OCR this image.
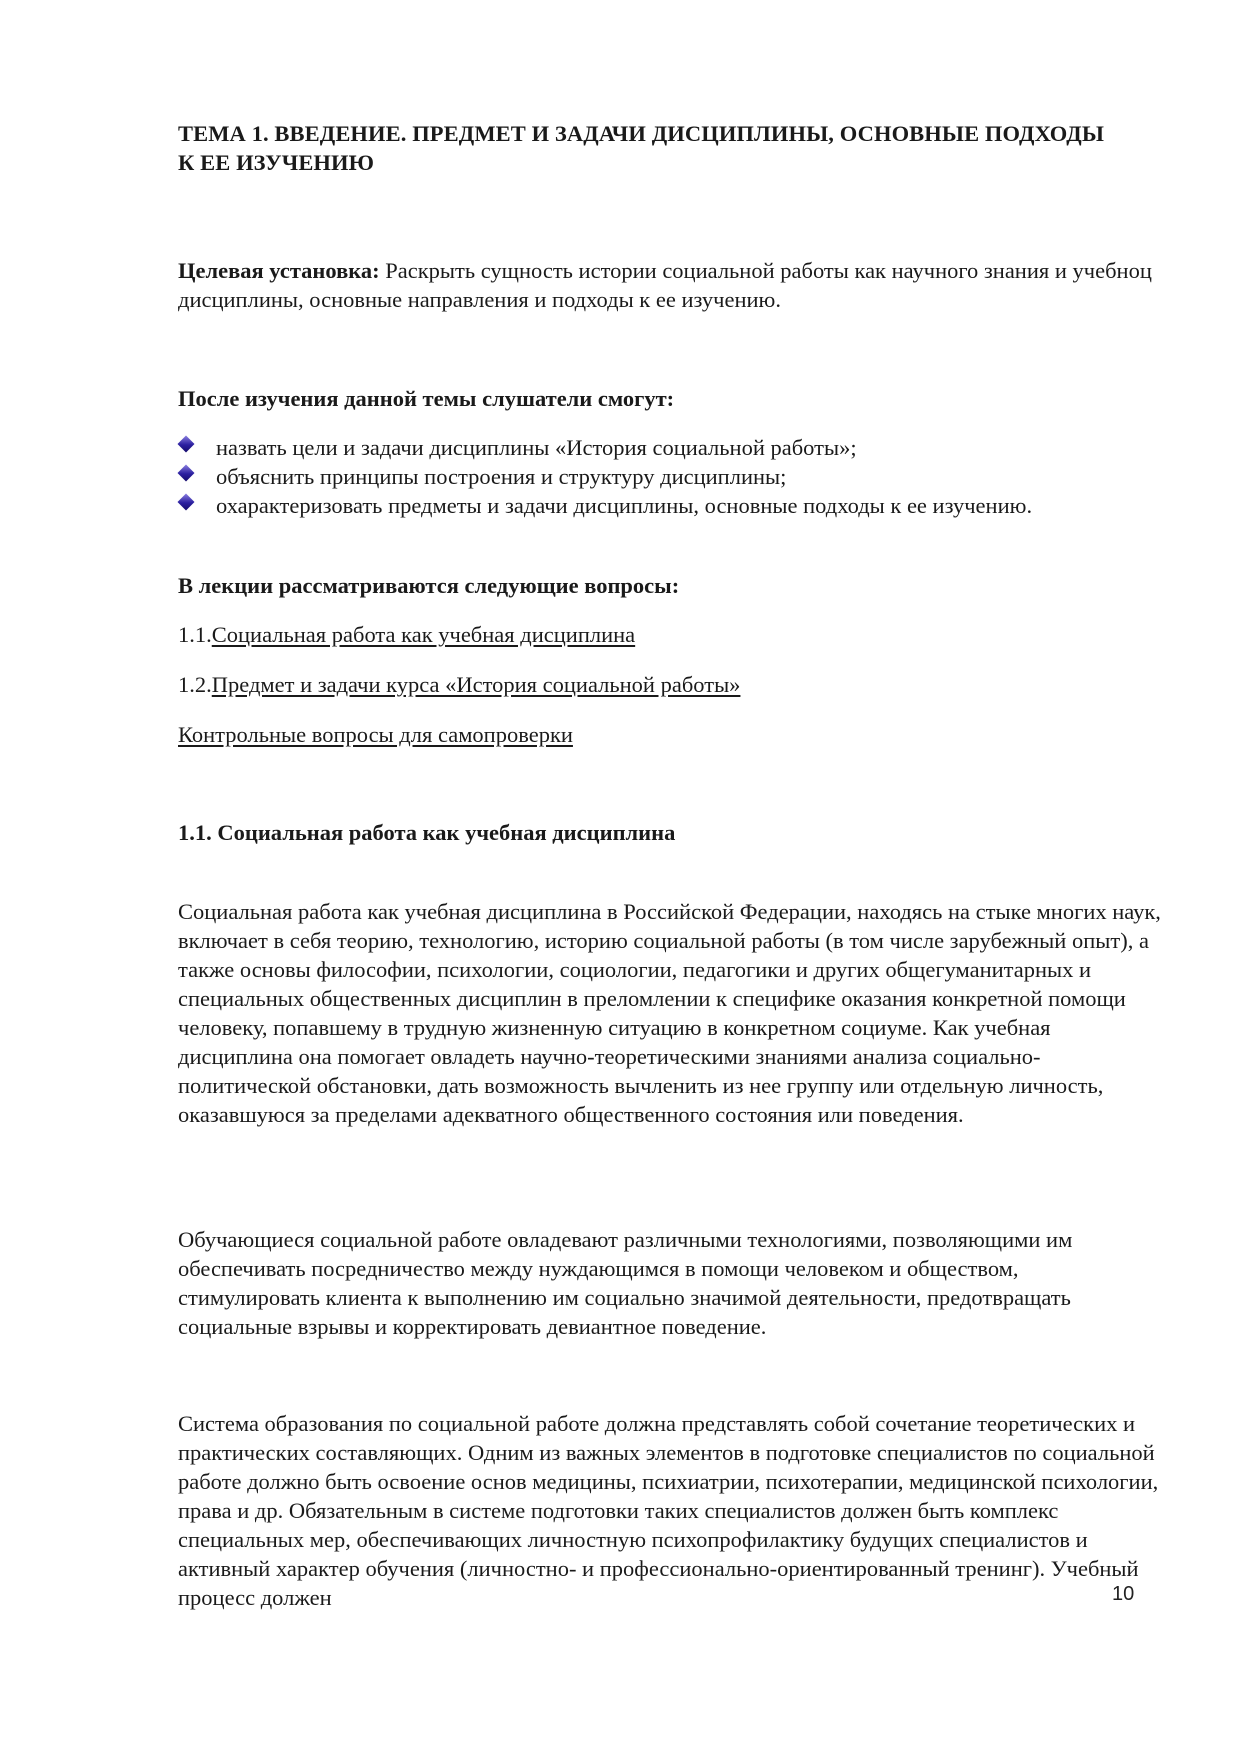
ТЕМА 1. ВВЕДЕНИЕ. ПРЕДМЕТ И ЗАДАЧИ ДИСЦИПЛИНЫ, ОСНОВНЫЕ ПОДХОДЫ К ЕЕ ИЗУЧЕНИЮ

Целевая установка: Раскрыть сущность истории социальной работы как научного знания и учебноц дисциплины, основные направления и подходы к ее изучению.

После изучения данной темы слушатели смогут:

назвать цели и задачи дисциплины «История социальной работы»;
объяснить принципы построения и структуру дисциплины;
охарактеризовать предметы и задачи дисциплины, основные подходы к ее изучению.

В лекции рассматриваются следующие вопросы:

1.1.Социальная работа как учебная дисциплина

1.2.Предмет и задачи курса «История социальной работы»

Контрольные вопросы для самопроверки

1.1. Социальная работа как учебная дисциплина

Социальная работа как учебная дисциплина в Российской Федерации, находясь на стыке многих наук, включает в себя теорию, технологию, историю социальной работы (в том числе зарубежный опыт), а также основы философии, психологии, социологии, педагогики и других общегуманитарных и специальных общественных дисциплин в преломлении к специфике оказания конкретной помощи человеку, попавшему в трудную жизненную ситуацию в конкретном социуме. Как учебная дисциплина она помогает овладеть научно-теоретическими знаниями анализа социально-политической обстановки, дать возможность вычленить из нее группу или отдельную личность, оказавшуюся за пределами адекватного общественного состояния или поведения.

Обучающиеся социальной работе овладевают различными технологиями, позволяющими им обеспечивать посредничество между нуждающимся в помощи человеком и обществом, стимулировать клиента к выполнению им социально значимой деятельности, предотвращать социальные взрывы и корректировать девиантное поведение.

Система образования по социальной работе должна представлять собой сочетание теоретических и практических составляющих. Одним из важных элементов в подготовке специалистов по социальной работе должно быть освоение основ медицины, психиатрии, психотерапии, медицинской психологии, права и др. Обязательным в системе подготовки таких специалистов должен быть комплекс специальных мер, обеспечивающих личностную психопрофилактику будущих специалистов и активный характер обучения (личностно- и профессионально-ориентированный тренинг). Учебный процесс должен	10
